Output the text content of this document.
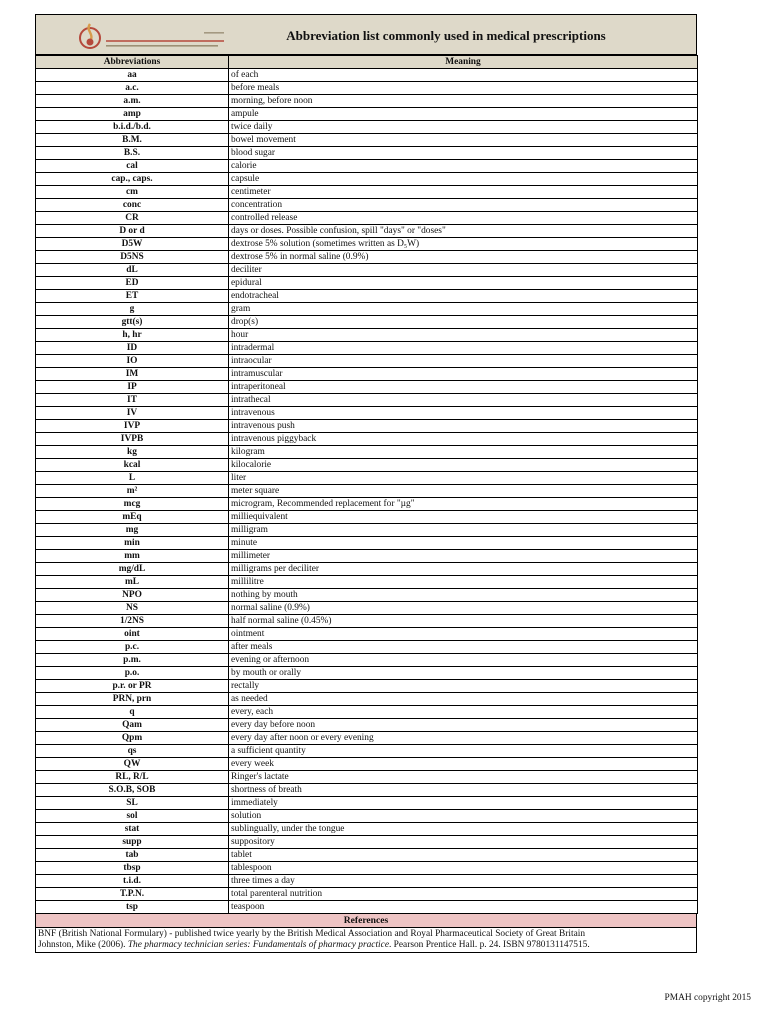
Abbreviation list commonly used in medical prescriptions
Abbreviations	Meaning
aa	of each
a.c.	before meals
a.m.	morning, before noon
amp	ampule
b.i.d./b.d.	twice daily
B.M.	bowel movement
B.S.	blood sugar
cal	calorie
cap., caps.	capsule
cm	centimeter
conc	concentration
CR	controlled release
D or d	days or doses. Possible confusion, spill "days" or "doses"
D5W	dextrose 5% solution (sometimes written as D₅W)
D5NS	dextrose 5% in normal saline (0.9%)
dL	deciliter
ED	epidural
ET	endotracheal
g	gram
gtt(s)	drop(s)
h, hr	hour
ID	intradermal
IO	intraocular
IM	intramuscular
IP	intraperitoneal
IT	intrathecal
IV	intravenous
IVP	intravenous push
IVPB	intravenous piggyback
kg	kilogram
kcal	kilocalorie
L	liter
m²	meter square
mcg	microgram, Recommended replacement for "µg"
mEq	milliequivalent
mg	milligram
min	minute
mm	millimeter
mg/dL	milligrams per deciliter
mL	millilitre
NPO	nothing by mouth
NS	normal saline (0.9%)
1/2NS	half normal saline (0.45%)
oint	ointment
p.c.	after meals
p.m.	evening or afternoon
p.o.	by mouth or orally
p.r. or PR	rectally
PRN, prn	as needed
q	every, each
Qam	every day before noon
Qpm	every day after noon or every evening
qs	a sufficient quantity
QW	every week
RL, R/L	Ringer's lactate
S.O.B, SOB	shortness of breath
SL	immediately
sol	solution
stat	sublingually, under the tongue
supp	suppository
tab	tablet
tbsp	tablespoon
t.i.d.	three times a day
T.P.N.	total parenteral nutrition
tsp	teaspoon
References
BNF (British National Formulary) - published twice yearly by the British Medical Association and Royal Pharmaceutical Society of Great Britain
Johnston, Mike (2006). The pharmacy technician series: Fundamentals of pharmacy practice. Pearson Prentice Hall. p. 24. ISBN 9780131147515.
PMAH copyright 2015
